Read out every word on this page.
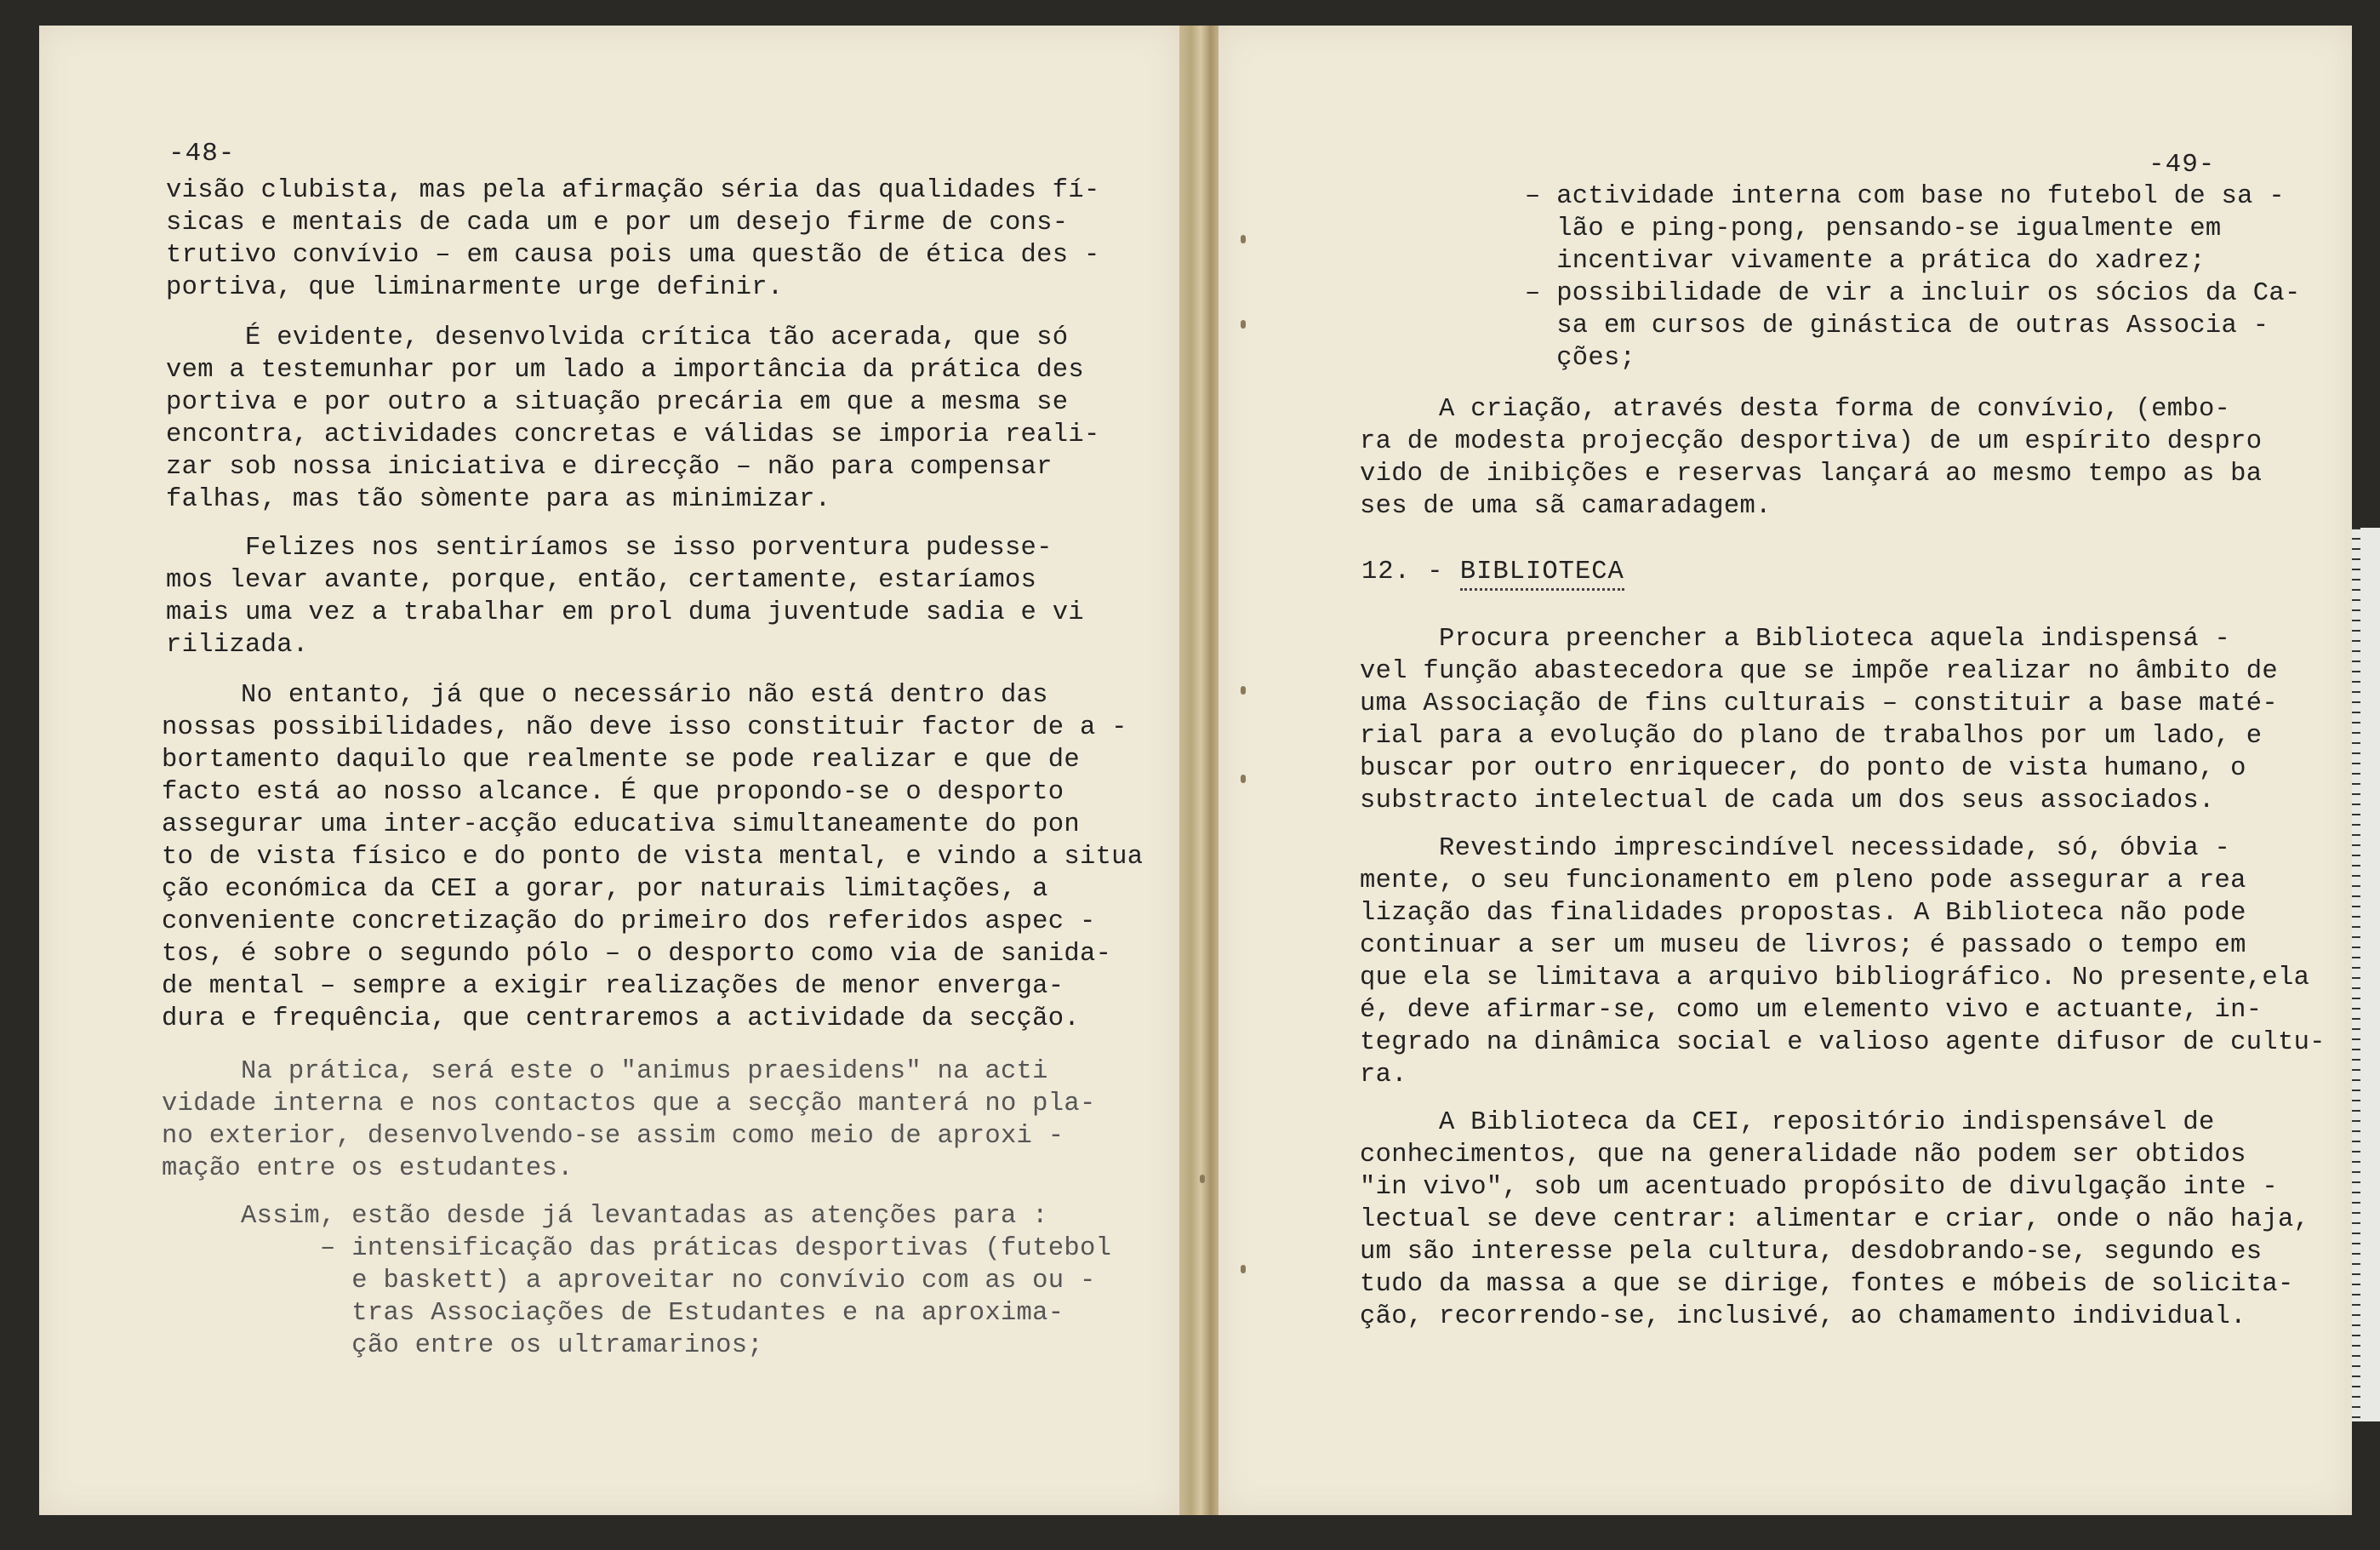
-48-
visão clubista, mas pela afirmação séria das qualidades fí-
sicas e mentais de cada um e por um desejo firme de cons-
trutivo convívio – em causa pois uma questão de ética des -
portiva, que liminarmente urge definir.
É evidente, desenvolvida crítica tão acerada, que só
vem a testemunhar por um lado a importância da prática des
portiva e por outro a situação precária em que a mesma se
encontra, actividades concretas e válidas se imporia reali-
zar sob nossa iniciativa e direcção – não para compensar
falhas, mas tão sòmente para as minimizar.
Felizes nos sentiríamos se isso porventura pudesse-
mos levar avante, porque, então, certamente, estaríamos
mais uma vez a trabalhar em prol duma juventude sadia e vi
rilizada.
No entanto, já que o necessário não está dentro das
nossas possibilidades, não deve isso constituir factor de a -
bortamento daquilo que realmente se pode realizar e que de
facto está ao nosso alcance. É que propondo-se o desporto
assegurar uma inter-acção educativa simultaneamente do pon
to de vista físico e do ponto de vista mental, e vindo a situa
ção económica da CEI a gorar, por naturais limitações, a
conveniente concretização do primeiro dos referidos aspec -
tos, é sobre o segundo pólo – o desporto como via de sanida-
de mental – sempre a exigir realizações de menor enverga-
dura e frequência, que centraremos a actividade da secção.
Na prática, será este o "animus praesidens" na acti
vidade interna e nos contactos que a secção manterá no pla-
no exterior, desenvolvendo-se assim como meio de aproxi -
mação entre os estudantes.
Assim, estão desde já levantadas as atenções para :
– intensificação das práticas desportivas (futebol
e baskett) a aproveitar no convívio com as ou -
tras Associações de Estudantes e na aproxima-
ção entre os ultramarinos;
-49-
– actividade interna com base no futebol de sa -
lão e ping-pong, pensando-se igualmente em
incentivar vivamente a prática do xadrez;
– possibilidade de vir a incluir os sócios da Ca-
sa em cursos de ginástica de outras Associa -
ções;
A criação, através desta forma de convívio, (embo-
ra de modesta projecção desportiva) de um espírito despro
vido de inibições e reservas lançará ao mesmo tempo as ba
ses de uma sã camaradagem.
12. - BIBLIOTECA
Procura preencher a Biblioteca aquela indispensá -
vel função abastecedora que se impõe realizar no âmbito de
uma Associação de fins culturais – constituir a base maté-
rial para a evolução do plano de trabalhos por um lado, e
buscar por outro enriquecer, do ponto de vista humano, o
substracto intelectual de cada um dos seus associados.
Revestindo imprescindível necessidade, só, óbvia -
mente, o seu funcionamento em pleno pode assegurar a rea
lização das finalidades propostas. A Biblioteca não pode
continuar a ser um museu de livros; é passado o tempo em
que ela se limitava a arquivo bibliográfico. No presente,ela
é, deve afirmar-se, como um elemento vivo e actuante, in-
tegrado na dinâmica social e valioso agente difusor de cultu-
ra.
A Biblioteca da CEI, repositório indispensável de
conhecimentos, que na generalidade não podem ser obtidos
"in vivo", sob um acentuado propósito de divulgação inte -
lectual se deve centrar: alimentar e criar, onde o não haja,
um são interesse pela cultura, desdobrando-se, segundo es
tudo da massa a que se dirige, fontes e móbeis de solicita-
ção, recorrendo-se, inclusivé, ao chamamento individual.
